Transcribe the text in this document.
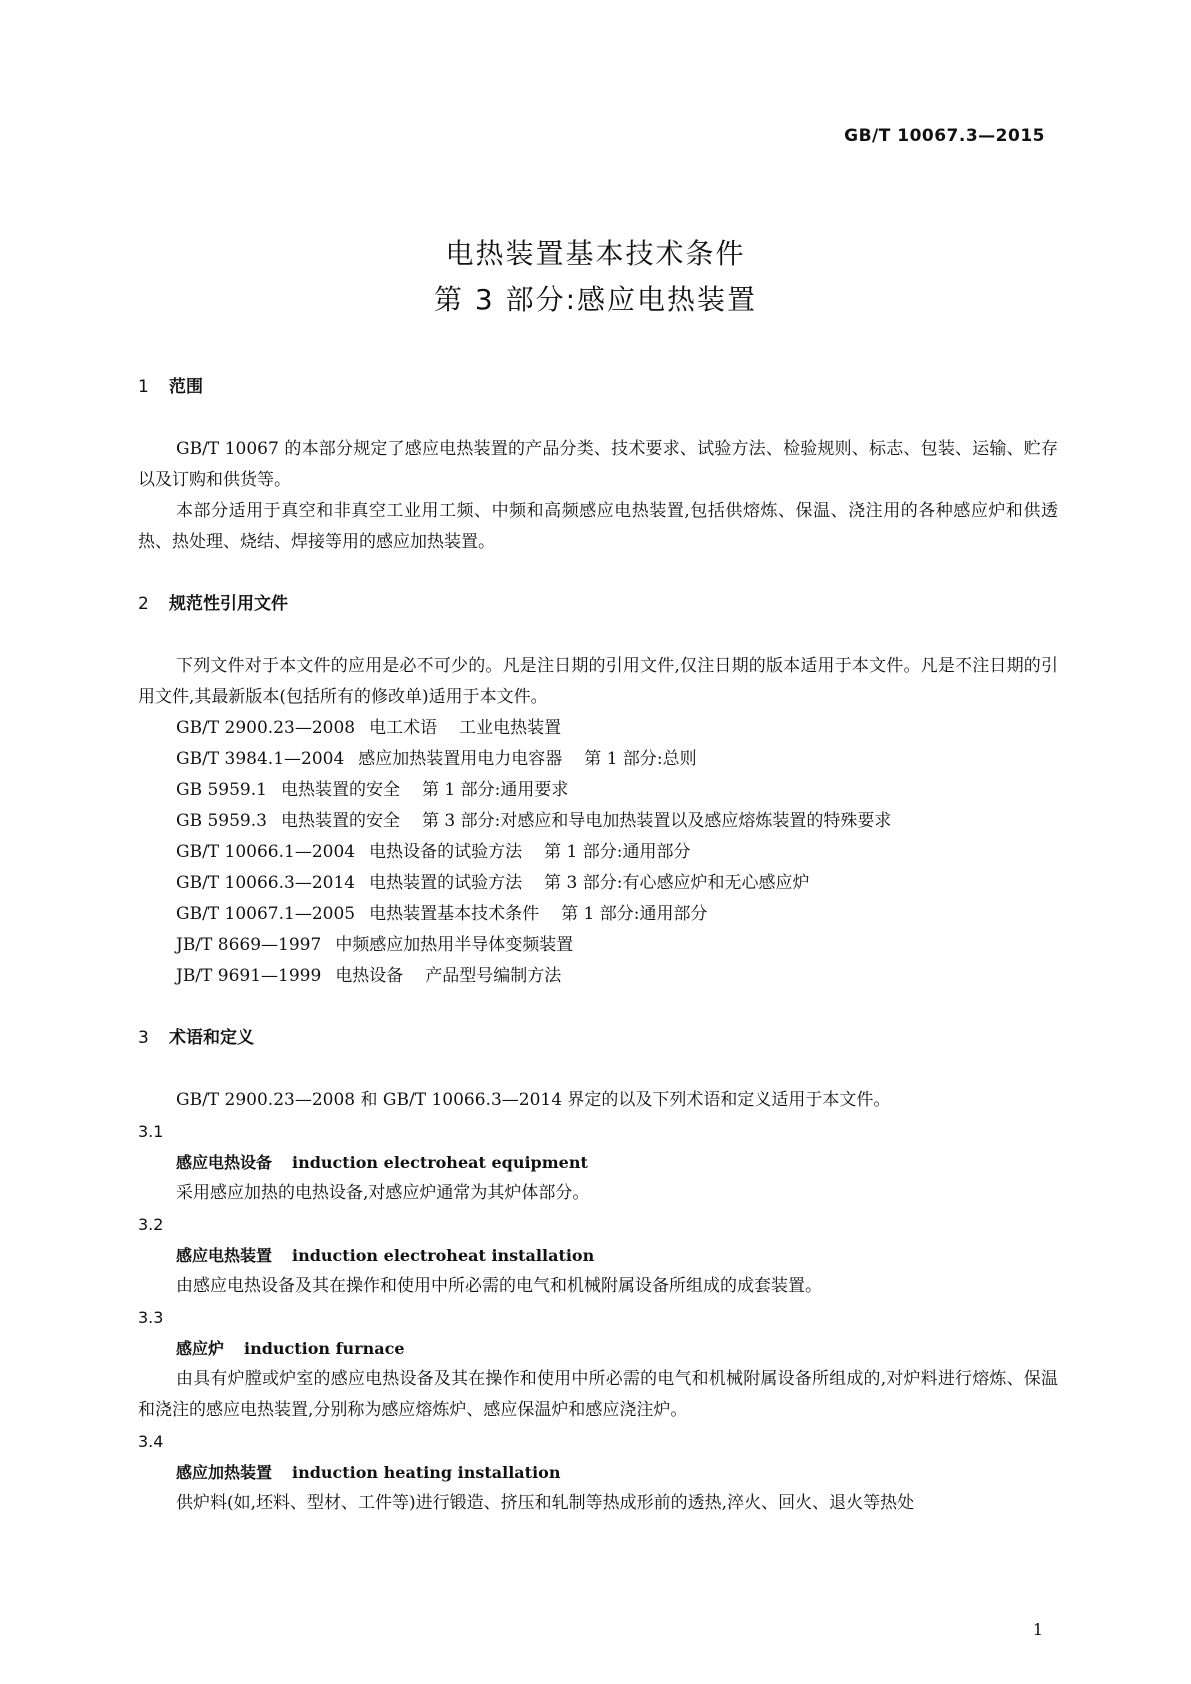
GB/T 10067.3—2015
电热装置基本技术条件
第 3 部分:感应电热装置
1 范围

GB/T 10067 的本部分规定了感应电热装置的产品分类、技术要求、试验方法、检验规则、标志、包装、运输、贮存以及订购和供货等。

本部分适用于真空和非真空工业用工频、中频和高频感应电热装置,包括供熔炼、保温、浇注用的各种感应炉和供透热、热处理、烧结、焊接等用的感应加热装置。

2 规范性引用文件

下列文件对于本文件的应用是必不可少的。凡是注日期的引用文件,仅注日期的版本适用于本文件。凡是不注日期的引用文件,其最新版本(包括所有的修改单)适用于本文件。

GB/T 2900.23—2008 电工术语 工业电热装置
GB/T 3984.1—2004 感应加热装置用电力电容器 第 1 部分:总则
GB 5959.1 电热装置的安全 第 1 部分:通用要求
GB 5959.3 电热装置的安全 第 3 部分:对感应和导电加热装置以及感应熔炼装置的特殊要求
GB/T 10066.1—2004 电热设备的试验方法 第 1 部分:通用部分
GB/T 10066.3—2014 电热装置的试验方法 第 3 部分:有心感应炉和无心感应炉
GB/T 10067.1—2005 电热装置基本技术条件 第 1 部分:通用部分
JB/T 8669—1997 中频感应加热用半导体变频装置
JB/T 9691—1999 电热设备 产品型号编制方法
3 术语和定义

GB/T 2900.23—2008 和 GB/T 10066.3—2014 界定的以及下列术语和定义适用于本文件。

3.1
感应电热设备 induction electroheat equipment

采用感应加热的电热设备,对感应炉通常为其炉体部分。

3.2
感应电热装置 induction electroheat installation

由感应电热设备及其在操作和使用中所必需的电气和机械附属设备所组成的成套装置。

3.3
感应炉 induction furnace

由具有炉膛或炉室的感应电热设备及其在操作和使用中所必需的电气和机械附属设备所组成的,对炉料进行熔炼、保温和浇注的感应电热装置,分别称为感应熔炼炉、感应保温炉和感应浇注炉。

3.4
感应加热装置 induction heating installation

供炉料(如,坯料、型材、工件等)进行锻造、挤压和轧制等热成形前的透热,淬火、回火、退火等热处

1
